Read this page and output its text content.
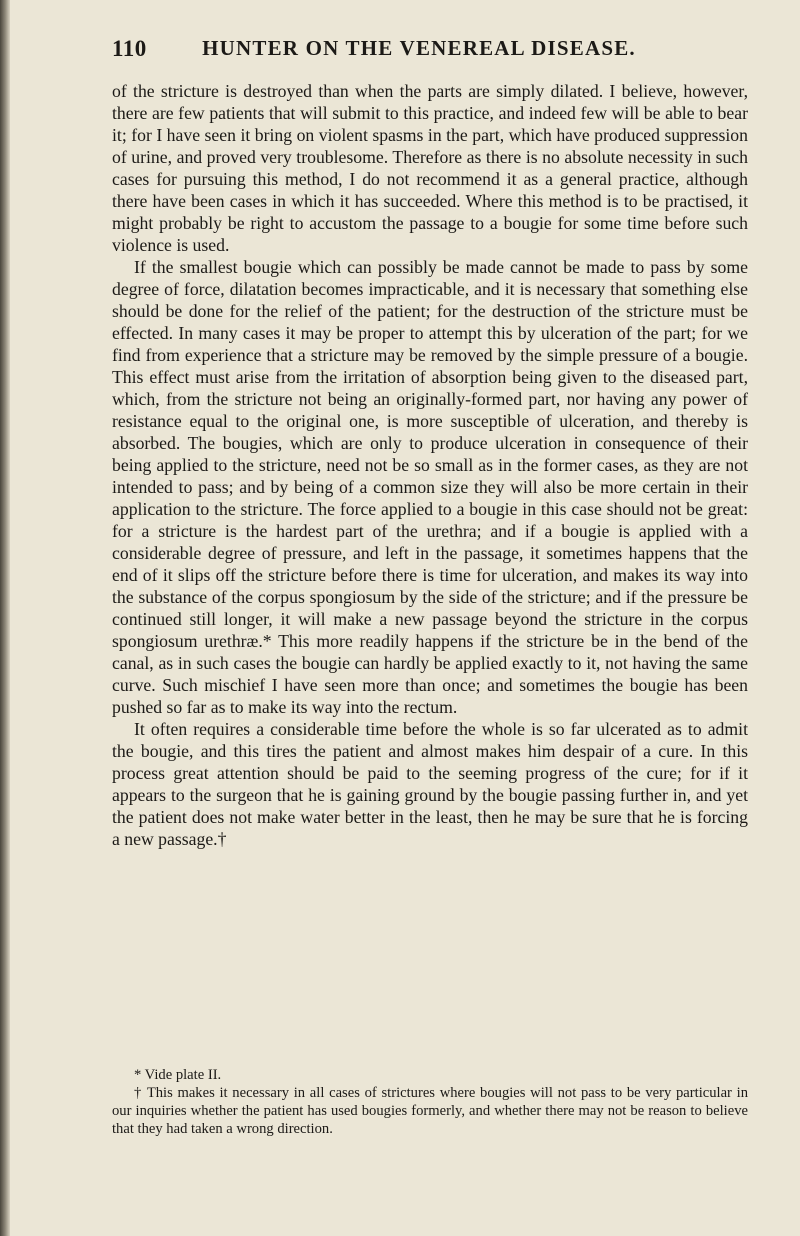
110	HUNTER ON THE VENEREAL DISEASE.

of the stricture is destroyed than when the parts are simply dilated. I believe, however, there are few patients that will submit to this practice, and indeed few will be able to bear it; for I have seen it bring on violent spasms in the part, which have produced suppression of urine, and proved very troublesome. Therefore as there is no absolute necessity in such cases for pursuing this method, I do not recommend it as a general practice, although there have been cases in which it has succeeded. Where this method is to be practised, it might probably be right to accustom the passage to a bougie for some time before such violence is used.

If the smallest bougie which can possibly be made cannot be made to pass by some degree of force, dilatation becomes impracticable, and it is necessary that something else should be done for the relief of the patient; for the destruction of the stricture must be effected. In many cases it may be proper to attempt this by ulceration of the part; for we find from experience that a stricture may be removed by the simple pressure of a bougie. This effect must arise from the irritation of absorption being given to the diseased part, which, from the stricture not being an originally-formed part, nor having any power of resistance equal to the original one, is more susceptible of ulceration, and thereby is absorbed. The bougies, which are only to produce ulceration in consequence of their being applied to the stricture, need not be so small as in the former cases, as they are not intended to pass; and by being of a common size they will also be more certain in their application to the stricture. The force applied to a bougie in this case should not be great: for a stricture is the hardest part of the urethra; and if a bougie is applied with a considerable degree of pressure, and left in the passage, it sometimes happens that the end of it slips off the stricture before there is time for ulceration, and makes its way into the substance of the corpus spongiosum by the side of the stricture; and if the pressure be continued still longer, it will make a new passage beyond the stricture in the corpus spongiosum urethræ.* This more readily happens if the stricture be in the bend of the canal, as in such cases the bougie can hardly be applied exactly to it, not having the same curve. Such mischief I have seen more than once; and sometimes the bougie has been pushed so far as to make its way into the rectum.

It often requires a considerable time before the whole is so far ulcerated as to admit the bougie, and this tires the patient and almost makes him despair of a cure. In this process great attention should be paid to the seeming progress of the cure; for if it appears to the surgeon that he is gaining ground by the bougie passing further in, and yet the patient does not make water better in the least, then he may be sure that he is forcing a new passage.†

* Vide plate II.

† This makes it necessary in all cases of strictures where bougies will not pass to be very particular in our inquiries whether the patient has used bougies formerly, and whether there may not be reason to believe that they had taken a wrong direction.
